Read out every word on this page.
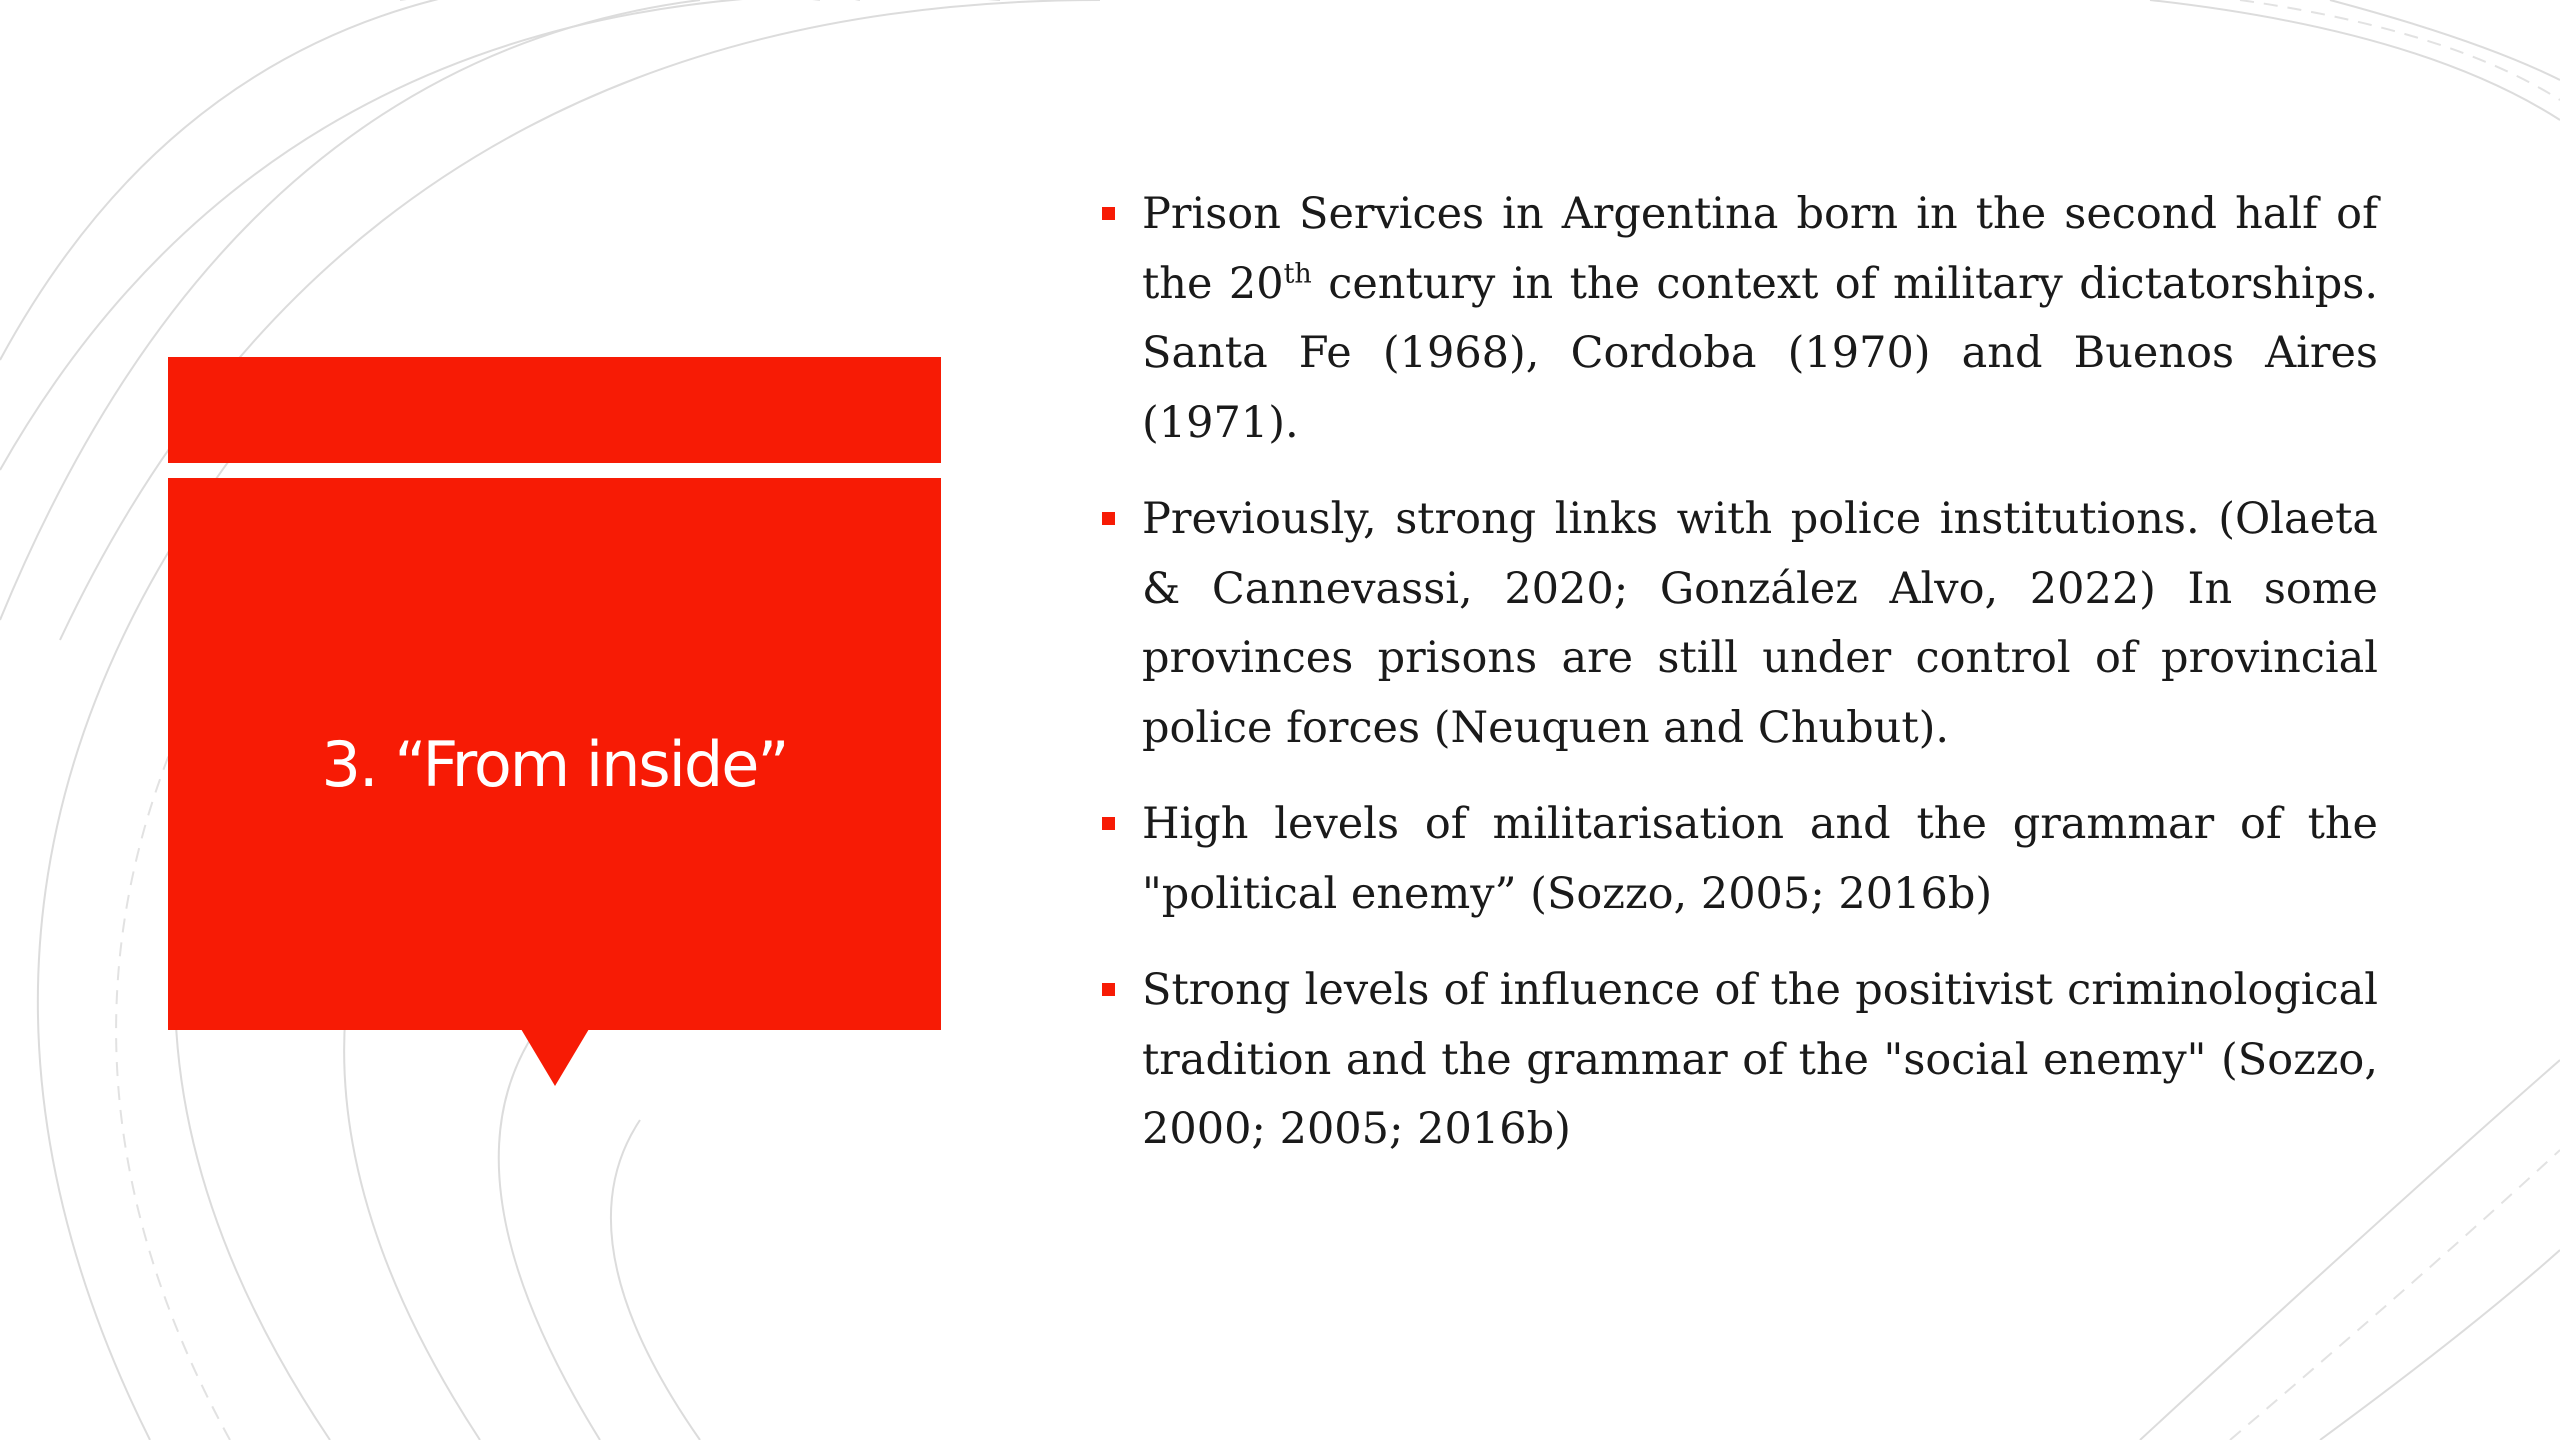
3. “From inside”
Prison Services in Argentina born in the second half of the 20th century in the context of military dictatorships. Santa Fe (1968), Cordoba (1970) and Buenos Aires (1971).
Previously, strong links with police institutions. (Olaeta & Cannevassi, 2020; González Alvo, 2022) In some provinces prisons are still under control of provincial police forces (Neuquen and Chubut).
High levels of militarisation and the grammar of the "political enemy” (Sozzo, 2005; 2016b)
Strong levels of influence of the positivist criminological tradition and the grammar of the "social enemy" (Sozzo, 2000; 2005; 2016b)
